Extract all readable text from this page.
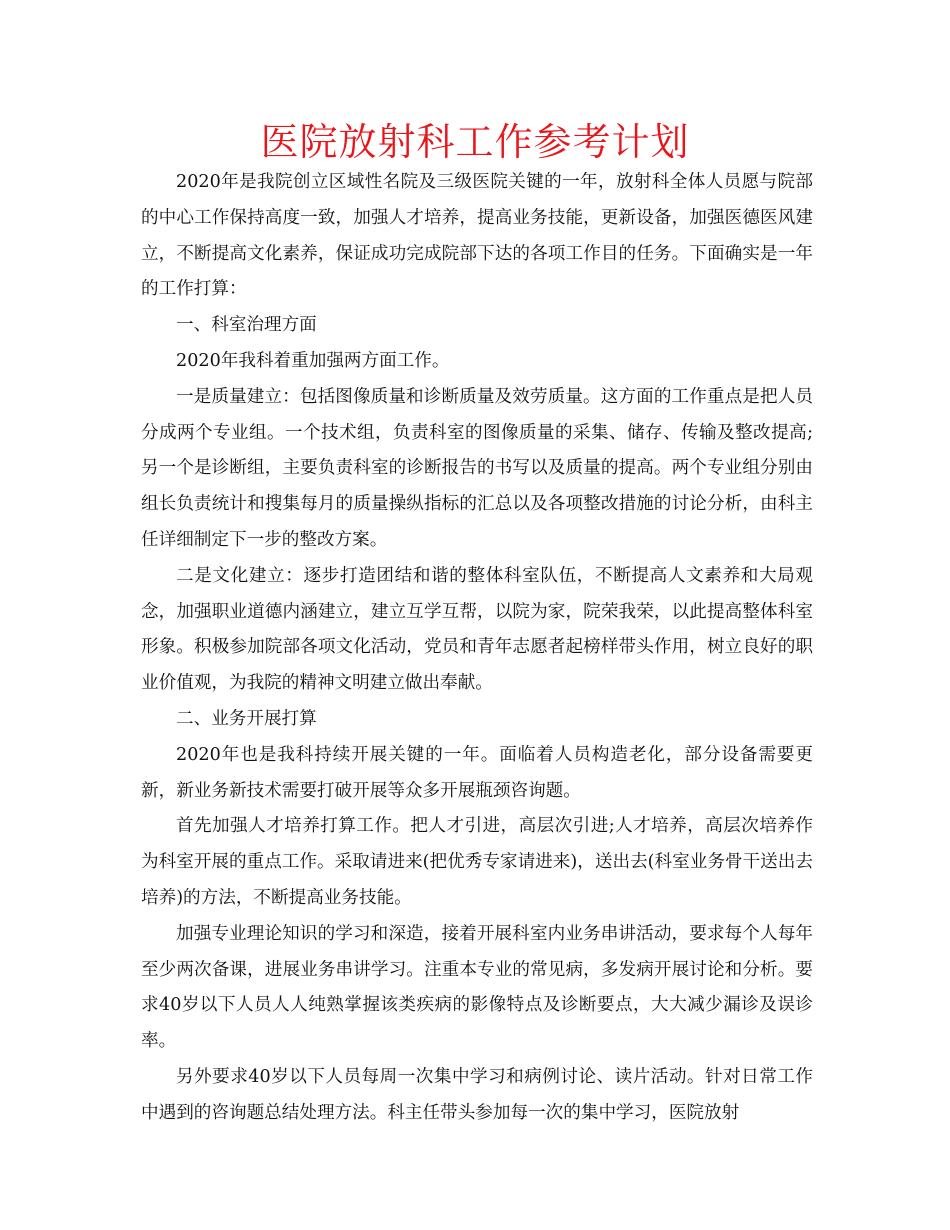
医院放射科工作参考计划

2020年是我院创立区域性名院及三级医院关键的一年，放射科全体人员愿与院部的中心工作保持高度一致，加强人才培养，提高业务技能，更新设备，加强医德医风建立，不断提高文化素养，保证成功完成院部下达的各项工作目的任务。下面确实是一年的工作打算：

一、科室治理方面

2020年我科着重加强两方面工作。

一是质量建立：包括图像质量和诊断质量及效劳质量。这方面的工作重点是把人员分成两个专业组。一个技术组，负责科室的图像质量的采集、储存、传输及整改提高;另一个是诊断组，主要负责科室的诊断报告的书写以及质量的提高。两个专业组分别由组长负责统计和搜集每月的质量操纵指标的汇总以及各项整改措施的讨论分析，由科主任详细制定下一步的整改方案。

二是文化建立：逐步打造团结和谐的整体科室队伍，不断提高人文素养和大局观念，加强职业道德内涵建立，建立互学互帮，以院为家，院荣我荣，以此提高整体科室形象。积极参加院部各项文化活动，党员和青年志愿者起榜样带头作用，树立良好的职业价值观，为我院的精神文明建立做出奉献。

二、业务开展打算

2020年也是我科持续开展关键的一年。面临着人员构造老化，部分设备需要更新，新业务新技术需要打破开展等众多开展瓶颈咨询题。

首先加强人才培养打算工作。把人才引进，高层次引进;人才培养，高层次培养作为科室开展的重点工作。采取请进来(把优秀专家请进来)，送出去(科室业务骨干送出去培养)的方法，不断提高业务技能。

加强专业理论知识的学习和深造，接着开展科室内业务串讲活动，要求每个人每年至少两次备课，进展业务串讲学习。注重本专业的常见病，多发病开展讨论和分析。要求40岁以下人员人人纯熟掌握该类疾病的影像特点及诊断要点，大大减少漏诊及误诊率。

另外要求40岁以下人员每周一次集中学习和病例讨论、读片活动。针对日常工作中遇到的咨询题总结处理方法。科主任带头参加每一次的集中学习，医院放射
